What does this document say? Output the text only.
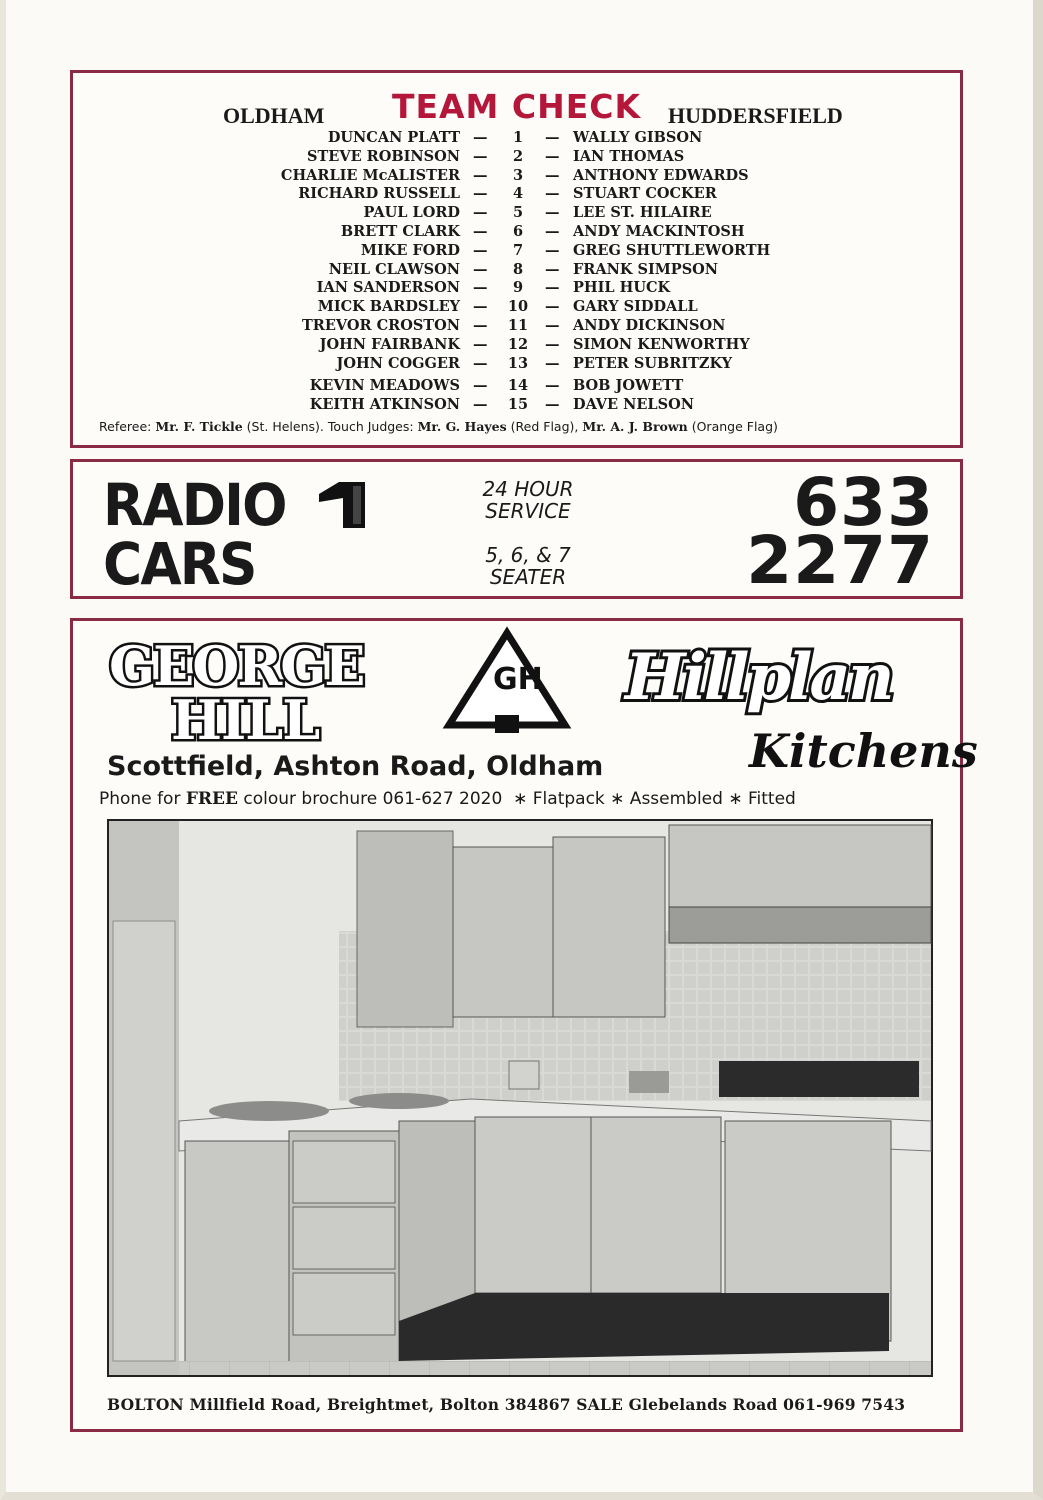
TEAM CHECK
OLDHAM	HUDDERSFIELD
DUNCAN PLATT —	1	— WALLY GIBSON
STEVE ROBINSON —	2	— IAN THOMAS
CHARLIE McALISTER —	3	— ANTHONY EDWARDS
RICHARD RUSSELL —	4	— STUART COCKER
PAUL LORD —	5	— LEE ST. HILAIRE
BRETT CLARK —	6	— ANDY MACKINTOSH
MIKE FORD —	7	— GREG SHUTTLEWORTH
NEIL CLAWSON —	8	— FRANK SIMPSON
IAN SANDERSON —	9	— PHIL HUCK
MICK BARDSLEY —	10	— GARY SIDDALL
TREVOR CROSTON —	11	— ANDY DICKINSON
JOHN FAIRBANK —	12	— SIMON KENWORTHY
JOHN COGGER —	13	— PETER SUBRITZKY
KEVIN MEADOWS —	14	— BOB JOWETT
KEITH ATKINSON —	15	— DAVE NELSON
Referee: Mr. F. Tickle (St. Helens). Touch Judges: Mr. G. Hayes (Red Flag), Mr. A. J. Brown (Orange Flag)
RADIO
CARS
24 HOUR
SERVICE
5, 6, & 7
SEATER
633
2277
GEORGE
HILL
GH Hillplan
Kitchens
Scottfield, Ashton Road, Oldham
Phone for FREE colour brochure 061-627 2020 ∗ Flatpack ∗ Assembled ∗ Fitted
BOLTON Millfield Road, Breightmet, Bolton 384867 SALE Glebelands Road 061-969 7543
